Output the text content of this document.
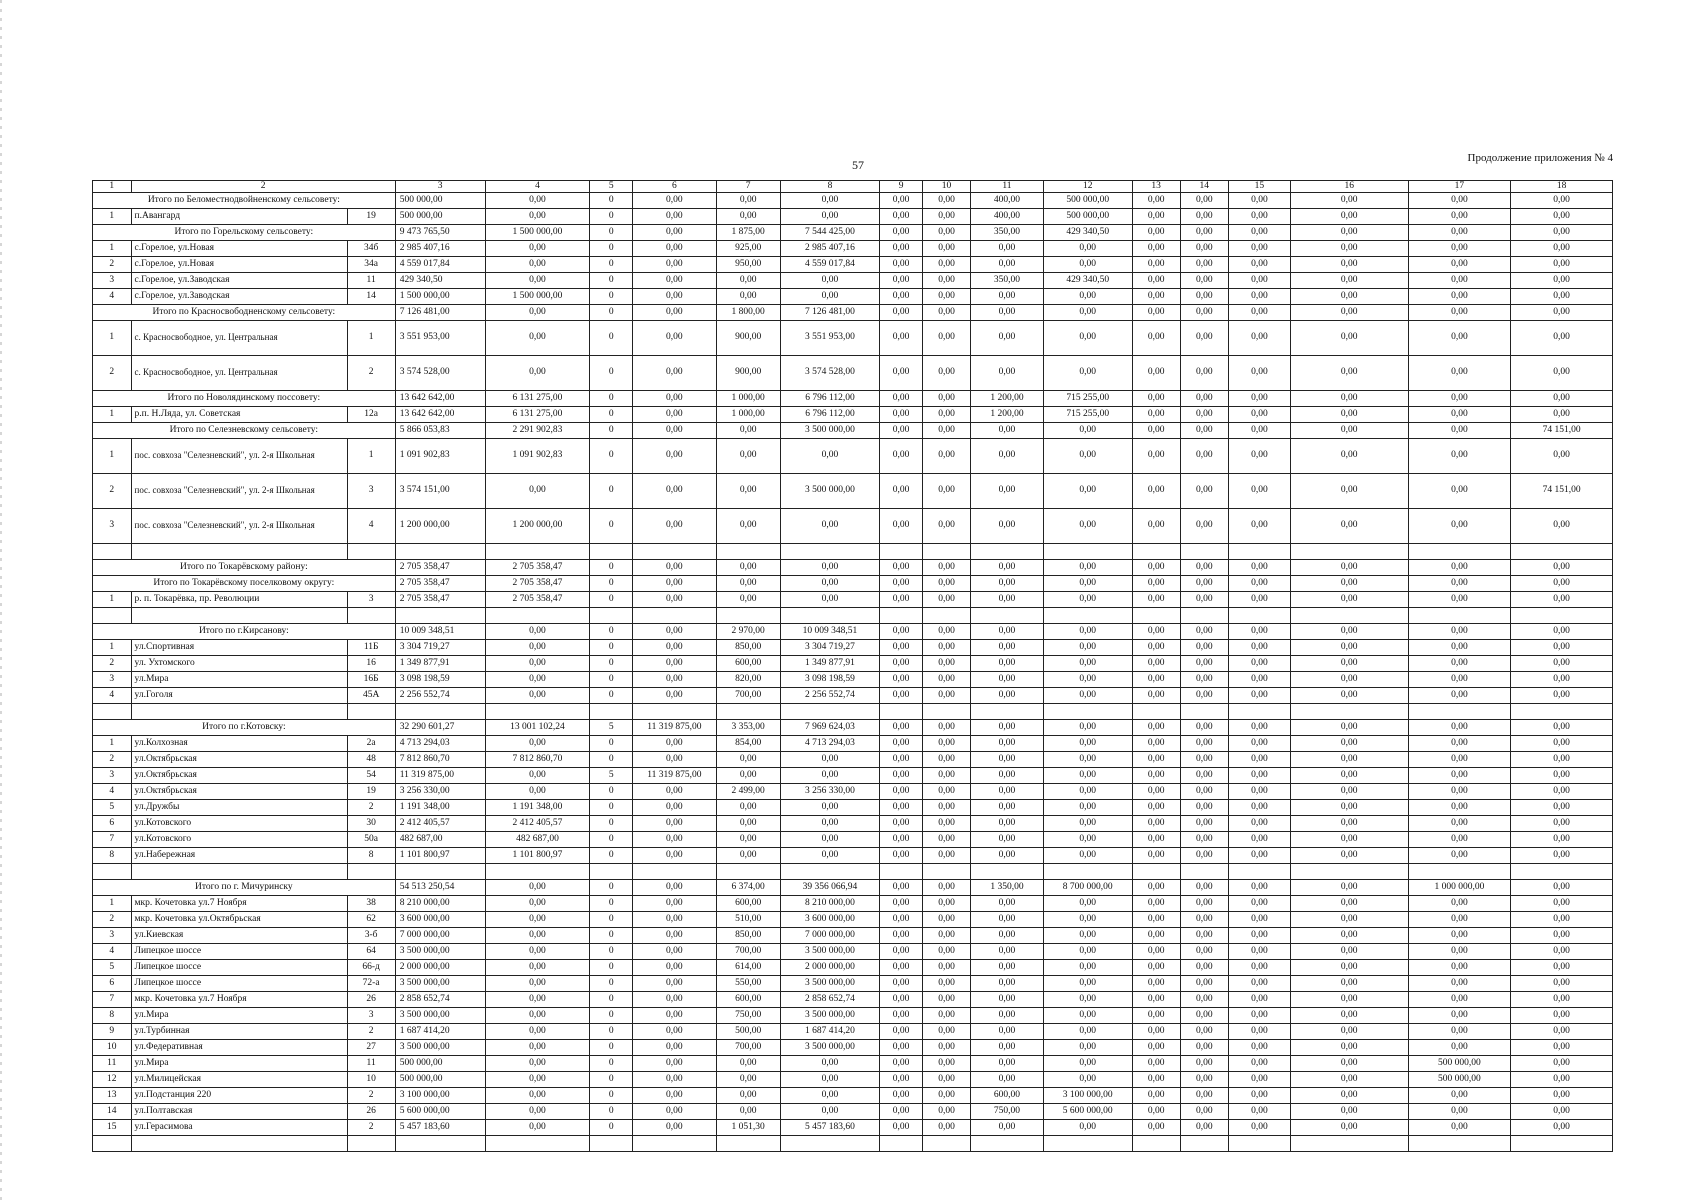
57	Продолжение приложения № 4
1	2		3	4	5	6	7	8	9	10	11	12	13	14	15	16	17	18
Итого по Беломестнодвойненскому сельсовету:			500 000,00	0,00	0	0,00	0,00	0,00	0,00	0,00	400,00	500 000,00	0,00	0,00	0,00	0,00	0,00	0,00
1	п.Авангард	19	500 000,00	0,00	0	0,00	0,00	0,00	0,00	0,00	400,00	500 000,00	0,00	0,00	0,00	0,00	0,00	0,00
Итого по Горельскому сельсовету:			9 473 765,50	1 500 000,00	0	0,00	1 875,00	7 544 425,00	0,00	0,00	350,00	429 340,50	0,00	0,00	0,00	0,00	0,00	0,00
1	с.Горелое, ул.Новая	34б	2 985 407,16	0,00	0	0,00	925,00	2 985 407,16	0,00	0,00	0,00	0,00	0,00	0,00	0,00	0,00	0,00	0,00
2	с.Горелое, ул.Новая	34а	4 559 017,84	0,00	0	0,00	950,00	4 559 017,84	0,00	0,00	0,00	0,00	0,00	0,00	0,00	0,00	0,00	0,00
3	с.Горелое, ул.Заводская	11	429 340,50	0,00	0	0,00	0,00	0,00	0,00	0,00	350,00	429 340,50	0,00	0,00	0,00	0,00	0,00	0,00
4	с.Горелое, ул.Заводская	14	1 500 000,00	1 500 000,00	0	0,00	0,00	0,00	0,00	0,00	0,00	0,00	0,00	0,00	0,00	0,00	0,00	0,00
Итого по Красносвободненскому сельсовету:			7 126 481,00	0,00	0	0,00	1 800,00	7 126 481,00	0,00	0,00	0,00	0,00	0,00	0,00	0,00	0,00	0,00	0,00
1	с. Красносвободное, ул. Центральная	1	3 551 953,00	0,00	0	0,00	900,00	3 551 953,00	0,00	0,00	0,00	0,00	0,00	0,00	0,00	0,00	0,00	0,00
2	с. Красносвободное, ул. Центральная	2	3 574 528,00	0,00	0	0,00	900,00	3 574 528,00	0,00	0,00	0,00	0,00	0,00	0,00	0,00	0,00	0,00	0,00
Итого по Новолядинскому поссовету:			13 642 642,00	6 131 275,00	0	0,00	1 000,00	6 796 112,00	0,00	0,00	1 200,00	715 255,00	0,00	0,00	0,00	0,00	0,00	0,00
1	р.п. Н.Ляда, ул. Советская	12а	13 642 642,00	6 131 275,00	0	0,00	1 000,00	6 796 112,00	0,00	0,00	1 200,00	715 255,00	0,00	0,00	0,00	0,00	0,00	0,00
Итого по Селезневскому сельсовету:			5 866 053,83	2 291 902,83	0	0,00	0,00	3 500 000,00	0,00	0,00	0,00	0,00	0,00	0,00	0,00	0,00	0,00	74 151,00
1	пос. совхоза "Селезневский", ул. 2-я Школьная	1	1 091 902,83	1 091 902,83	0	0,00	0,00	0,00	0,00	0,00	0,00	0,00	0,00	0,00	0,00	0,00	0,00	0,00
2	пос. совхоза "Селезневский", ул. 2-я Школьная	3	3 574 151,00	0,00	0	0,00	0,00	3 500 000,00	0,00	0,00	0,00	0,00	0,00	0,00	0,00	0,00	0,00	74 151,00
3	пос. совхоза "Селезневский", ул. 2-я Школьная	4	1 200 000,00	1 200 000,00	0	0,00	0,00	0,00	0,00	0,00	0,00	0,00	0,00	0,00	0,00	0,00	0,00	0,00

Итого по Токарёвскому району:			2 705 358,47	2 705 358,47	0	0,00	0,00	0,00	0,00	0,00	0,00	0,00	0,00	0,00	0,00	0,00	0,00	0,00
Итого по Токарёвскому поселковому округу:			2 705 358,47	2 705 358,47	0	0,00	0,00	0,00	0,00	0,00	0,00	0,00	0,00	0,00	0,00	0,00	0,00	0,00
1	р. п. Токарёвка, пр. Революции	3	2 705 358,47	2 705 358,47	0	0,00	0,00	0,00	0,00	0,00	0,00	0,00	0,00	0,00	0,00	0,00	0,00	0,00

Итого по г.Кирсанову:			10 009 348,51	0,00	0	0,00	2 970,00	10 009 348,51	0,00	0,00	0,00	0,00	0,00	0,00	0,00	0,00	0,00	0,00
1	ул.Спортивная	11Б	3 304 719,27	0,00	0	0,00	850,00	3 304 719,27	0,00	0,00	0,00	0,00	0,00	0,00	0,00	0,00	0,00	0,00
2	ул. Ухтомского	16	1 349 877,91	0,00	0	0,00	600,00	1 349 877,91	0,00	0,00	0,00	0,00	0,00	0,00	0,00	0,00	0,00	0,00
3	ул.Мира	16Б	3 098 198,59	0,00	0	0,00	820,00	3 098 198,59	0,00	0,00	0,00	0,00	0,00	0,00	0,00	0,00	0,00	0,00
4	ул.Гоголя	45А	2 256 552,74	0,00	0	0,00	700,00	2 256 552,74	0,00	0,00	0,00	0,00	0,00	0,00	0,00	0,00	0,00	0,00

Итого по г.Котовску:			32 290 601,27	13 001 102,24	5	11 319 875,00	3 353,00	7 969 624,03	0,00	0,00	0,00	0,00	0,00	0,00	0,00	0,00	0,00	0,00
1	ул.Колхозная	2а	4 713 294,03	0,00	0	0,00	854,00	4 713 294,03	0,00	0,00	0,00	0,00	0,00	0,00	0,00	0,00	0,00	0,00
2	ул.Октябрьская	48	7 812 860,70	7 812 860,70	0	0,00	0,00	0,00	0,00	0,00	0,00	0,00	0,00	0,00	0,00	0,00	0,00	0,00
3	ул.Октябрьская	54	11 319 875,00	0,00	5	11 319 875,00	0,00	0,00	0,00	0,00	0,00	0,00	0,00	0,00	0,00	0,00	0,00	0,00
4	ул.Октябрьская	19	3 256 330,00	0,00	0	0,00	2 499,00	3 256 330,00	0,00	0,00	0,00	0,00	0,00	0,00	0,00	0,00	0,00	0,00
5	ул.Дружбы	2	1 191 348,00	1 191 348,00	0	0,00	0,00	0,00	0,00	0,00	0,00	0,00	0,00	0,00	0,00	0,00	0,00	0,00
6	ул.Котовского	30	2 412 405,57	2 412 405,57	0	0,00	0,00	0,00	0,00	0,00	0,00	0,00	0,00	0,00	0,00	0,00	0,00	0,00
7	ул.Котовского	50а	482 687,00	482 687,00	0	0,00	0,00	0,00	0,00	0,00	0,00	0,00	0,00	0,00	0,00	0,00	0,00	0,00
8	ул.Набережная	8	1 101 800,97	1 101 800,97	0	0,00	0,00	0,00	0,00	0,00	0,00	0,00	0,00	0,00	0,00	0,00	0,00	0,00

Итого по г. Мичуринску			54 513 250,54	0,00	0	0,00	6 374,00	39 356 066,94	0,00	0,00	1 350,00	8 700 000,00	0,00	0,00	0,00	0,00	1 000 000,00	0,00
1	мкр. Кочетовка ул.7 Ноября	38	8 210 000,00	0,00	0	0,00	600,00	8 210 000,00	0,00	0,00	0,00	0,00	0,00	0,00	0,00	0,00	0,00	0,00
2	мкр. Кочетовка ул.Октябрьская	62	3 600 000,00	0,00	0	0,00	510,00	3 600 000,00	0,00	0,00	0,00	0,00	0,00	0,00	0,00	0,00	0,00	0,00
3	ул.Киевская	3-б	7 000 000,00	0,00	0	0,00	850,00	7 000 000,00	0,00	0,00	0,00	0,00	0,00	0,00	0,00	0,00	0,00	0,00
4	Липецкое шоссе	64	3 500 000,00	0,00	0	0,00	700,00	3 500 000,00	0,00	0,00	0,00	0,00	0,00	0,00	0,00	0,00	0,00	0,00
5	Липецкое шоссе	66-д	2 000 000,00	0,00	0	0,00	614,00	2 000 000,00	0,00	0,00	0,00	0,00	0,00	0,00	0,00	0,00	0,00	0,00
6	Липецкое шоссе	72-а	3 500 000,00	0,00	0	0,00	550,00	3 500 000,00	0,00	0,00	0,00	0,00	0,00	0,00	0,00	0,00	0,00	0,00
7	мкр. Кочетовка ул.7 Ноября	26	2 858 652,74	0,00	0	0,00	600,00	2 858 652,74	0,00	0,00	0,00	0,00	0,00	0,00	0,00	0,00	0,00	0,00
8	ул.Мира	3	3 500 000,00	0,00	0	0,00	750,00	3 500 000,00	0,00	0,00	0,00	0,00	0,00	0,00	0,00	0,00	0,00	0,00
9	ул.Турбинная	2	1 687 414,20	0,00	0	0,00	500,00	1 687 414,20	0,00	0,00	0,00	0,00	0,00	0,00	0,00	0,00	0,00	0,00
10	ул.Федеративная	27	3 500 000,00	0,00	0	0,00	700,00	3 500 000,00	0,00	0,00	0,00	0,00	0,00	0,00	0,00	0,00	0,00	0,00
11	ул.Мира	11	500 000,00	0,00	0	0,00	0,00	0,00	0,00	0,00	0,00	0,00	0,00	0,00	0,00	0,00	500 000,00	0,00
12	ул.Милицейская	10	500 000,00	0,00	0	0,00	0,00	0,00	0,00	0,00	0,00	0,00	0,00	0,00	0,00	0,00	500 000,00	0,00
13	ул.Подстанция 220	2	3 100 000,00	0,00	0	0,00	0,00	0,00	0,00	0,00	600,00	3 100 000,00	0,00	0,00	0,00	0,00	0,00	0,00
14	ул.Полтавская	26	5 600 000,00	0,00	0	0,00	0,00	0,00	0,00	0,00	750,00	5 600 000,00	0,00	0,00	0,00	0,00	0,00	0,00
15	ул.Герасимова	2	5 457 183,60	0,00	0	0,00	1 051,30	5 457 183,60	0,00	0,00	0,00	0,00	0,00	0,00	0,00	0,00	0,00	0,00
